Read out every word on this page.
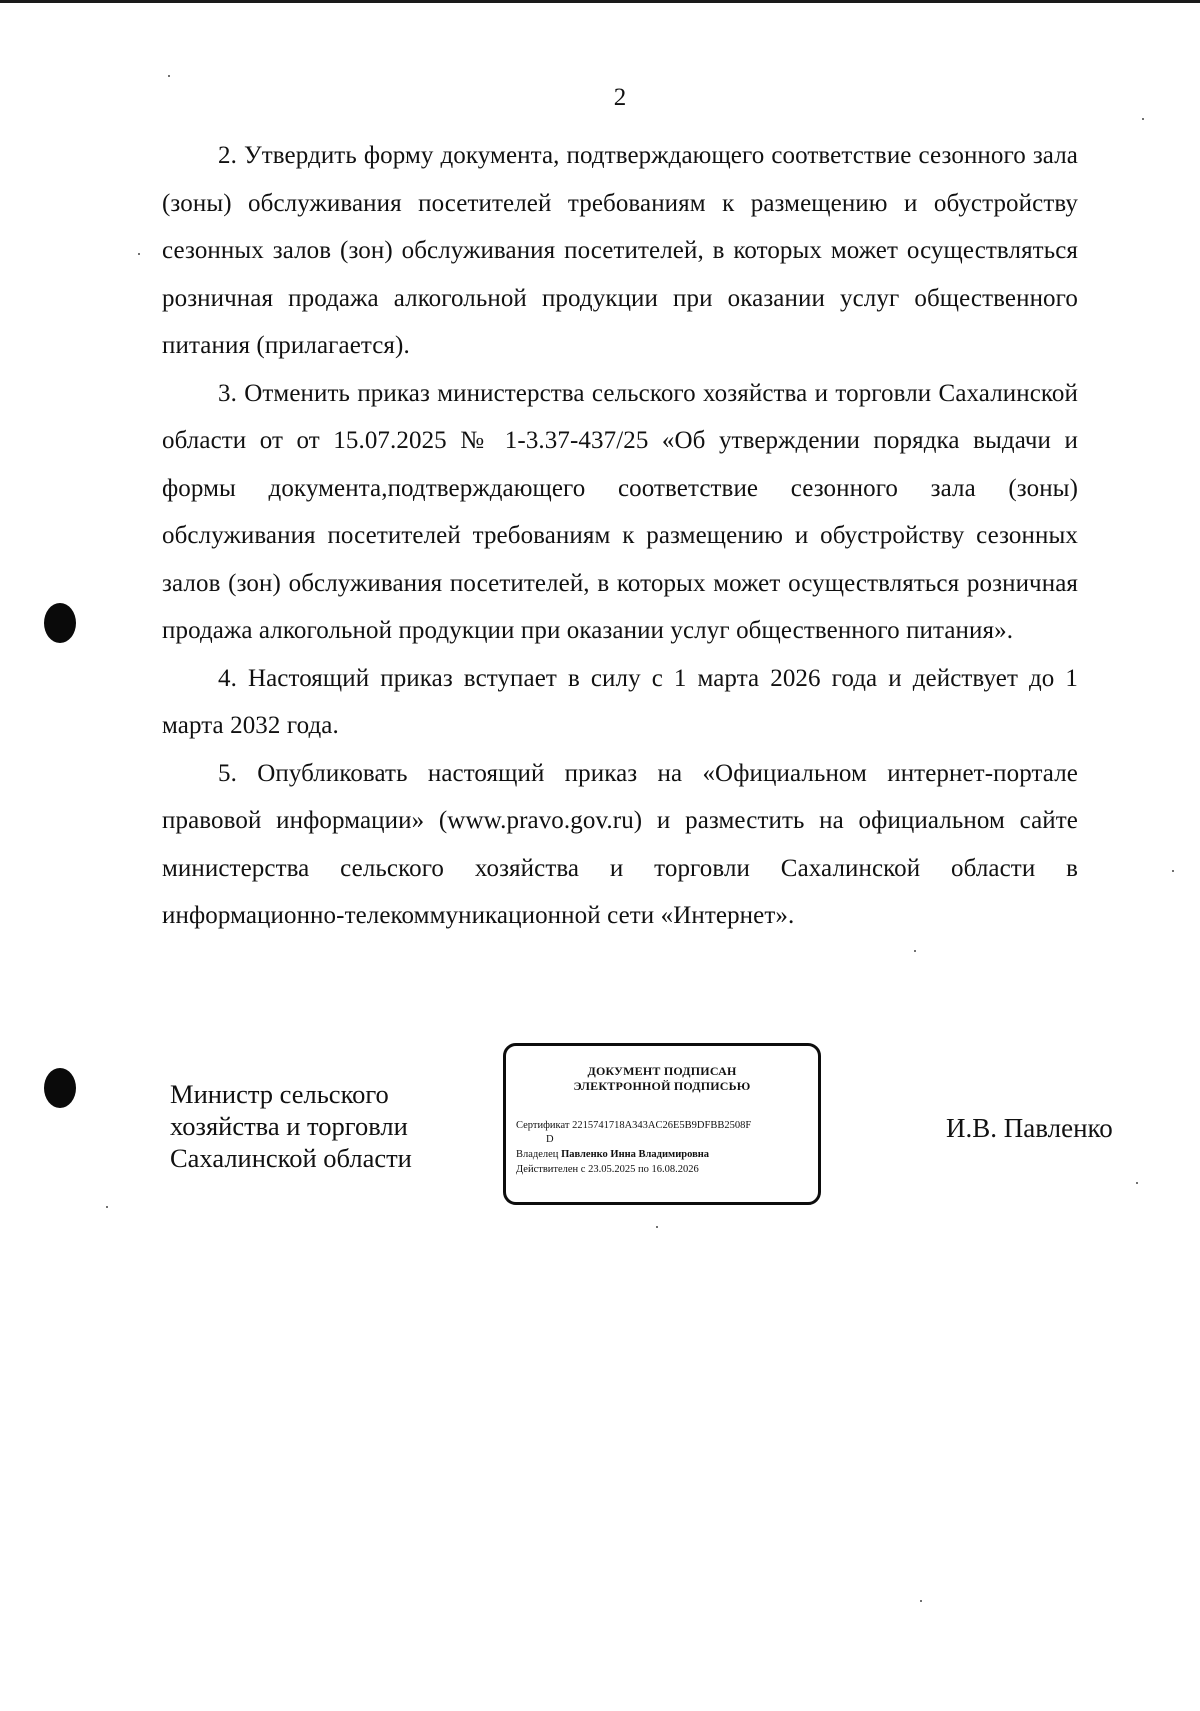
2

2. Утвердить форму документа, подтверждающего соответствие сезонного зала (зоны) обслуживания посетителей требованиям к размещению и обустройству сезонных залов (зон) обслуживания посетителей, в которых может осуществляться розничная продажа алкогольной продукции при оказании услуг общественного питания (прилагается).

3. Отменить приказ министерства сельского хозяйства и торговли Сахалинской области от от 15.07.2025 № 1-3.37-437/25 «Об утверждении порядка выдачи и формы документа,подтверждающего соответствие сезонного зала (зоны) обслуживания посетителей требованиям к размещению и обустройству сезонных залов (зон) обслуживания посетителей, в которых может осуществляться розничная продажа алкогольной продукции при оказании услуг общественного питания».

4. Настоящий приказ вступает в силу с 1 марта 2026 года и действует до 1 марта 2032 года.

5. Опубликовать настоящий приказ на «Официальном интернет-портале правовой информации» (www.pravo.gov.ru) и разместить на официальном сайте министерства сельского хозяйства и торговли Сахалинской области в информационно-телекоммуникационной сети «Интернет».

Министр сельского
хозяйства и торговли
Сахалинской области
ДОКУМЕНТ ПОДПИСАН
ЭЛЕКТРОННОЙ ПОДПИСЬЮ
Сертификат 2215741718A343AC26E5B9DFBB2508F
D
Владелец Павленко Инна Владимировна
Действителен с 23.05.2025 по 16.08.2026
И.В. Павленко
